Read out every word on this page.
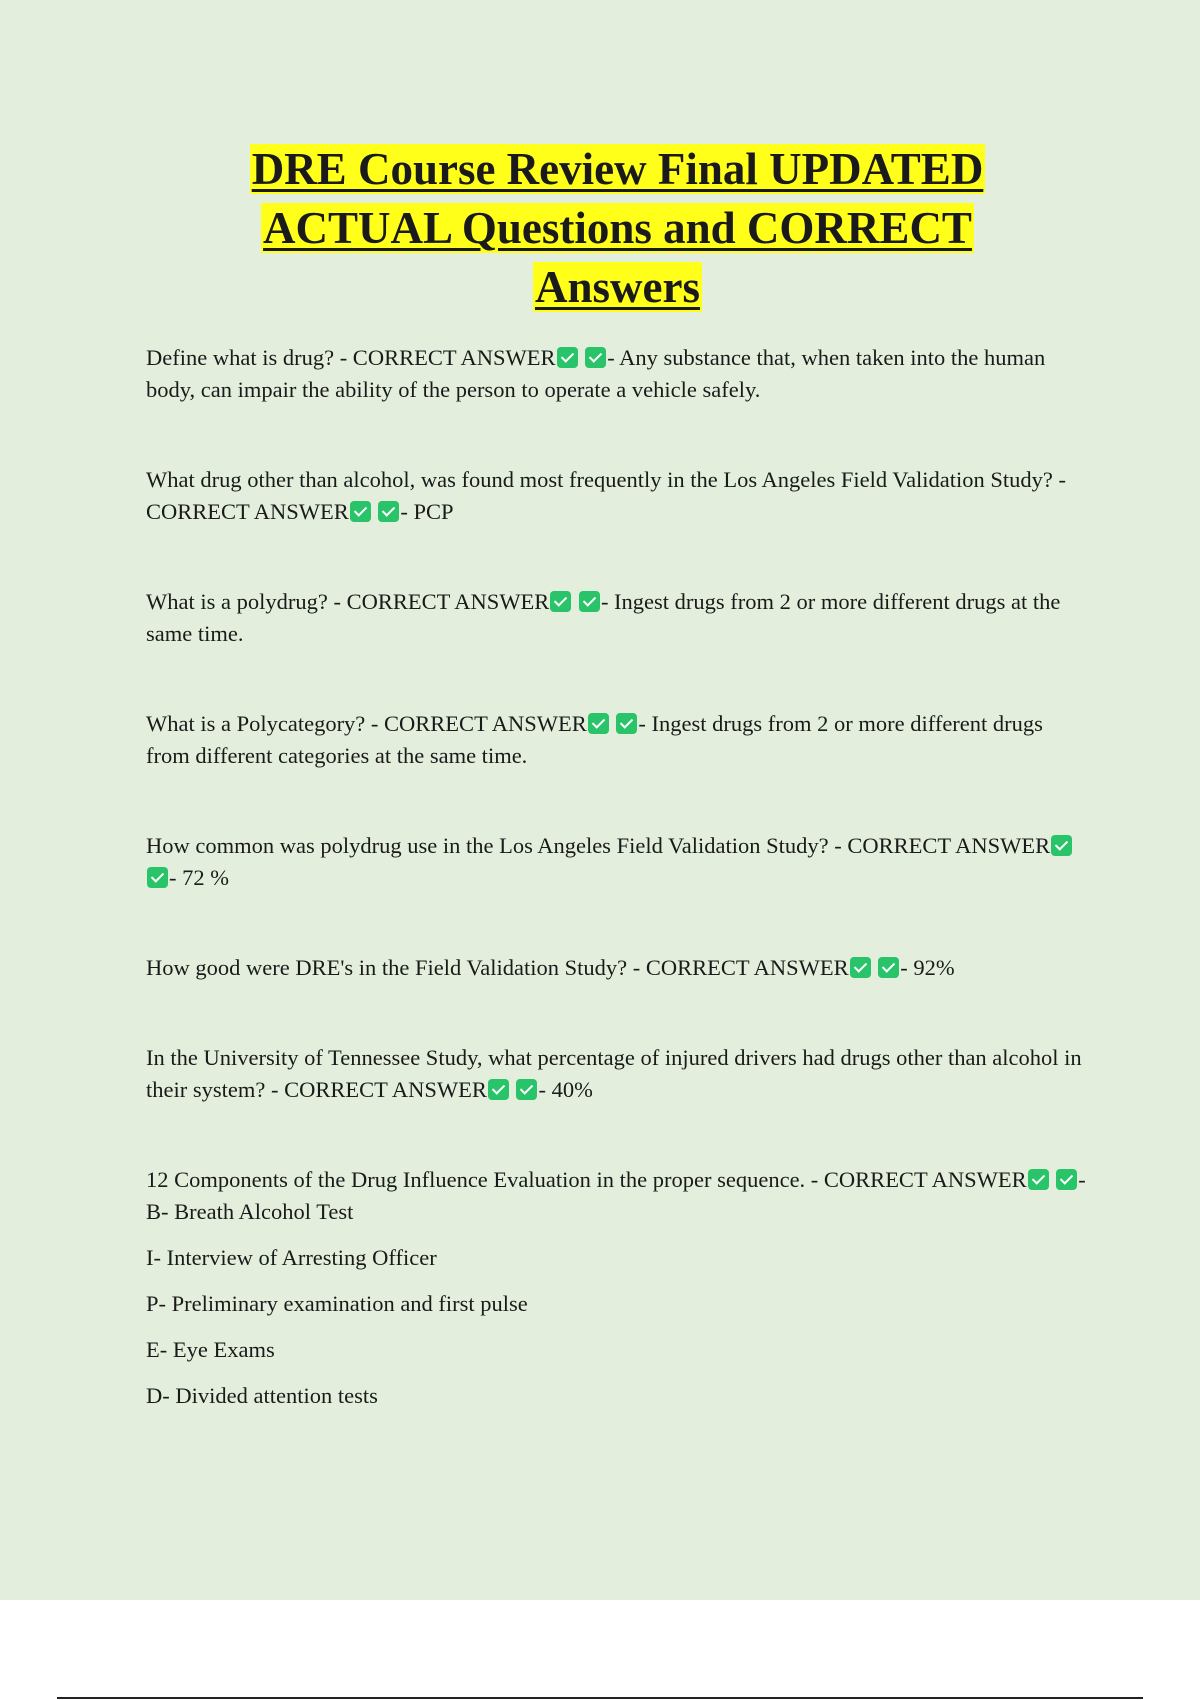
DRE Course Review Final UPDATED
ACTUAL Questions and CORRECT
Answers

Define what is drug? - CORRECT ANSWER - Any substance that, when taken into the human body, can impair the ability of the person to operate a vehicle safely.

What drug other than alcohol, was found most frequently in the Los Angeles Field Validation Study? - CORRECT ANSWER - PCP

What is a polydrug? - CORRECT ANSWER - Ingest drugs from 2 or more different drugs at the same time.

What is a Polycategory? - CORRECT ANSWER - Ingest drugs from 2 or more different drugs from different categories at the same time.

How common was polydrug use in the Los Angeles Field Validation Study? - CORRECT ANSWER - 72 %

How good were DRE's in the Field Validation Study? - CORRECT ANSWER - 92%

In the University of Tennessee Study, what percentage of injured drivers had drugs other than alcohol in their system? - CORRECT ANSWER - 40%

12 Components of the Drug Influence Evaluation in the proper sequence. - CORRECT ANSWER - B- Breath Alcohol Test

I- Interview of Arresting Officer

P- Preliminary examination and first pulse

E- Eye Exams

D- Divided attention tests
